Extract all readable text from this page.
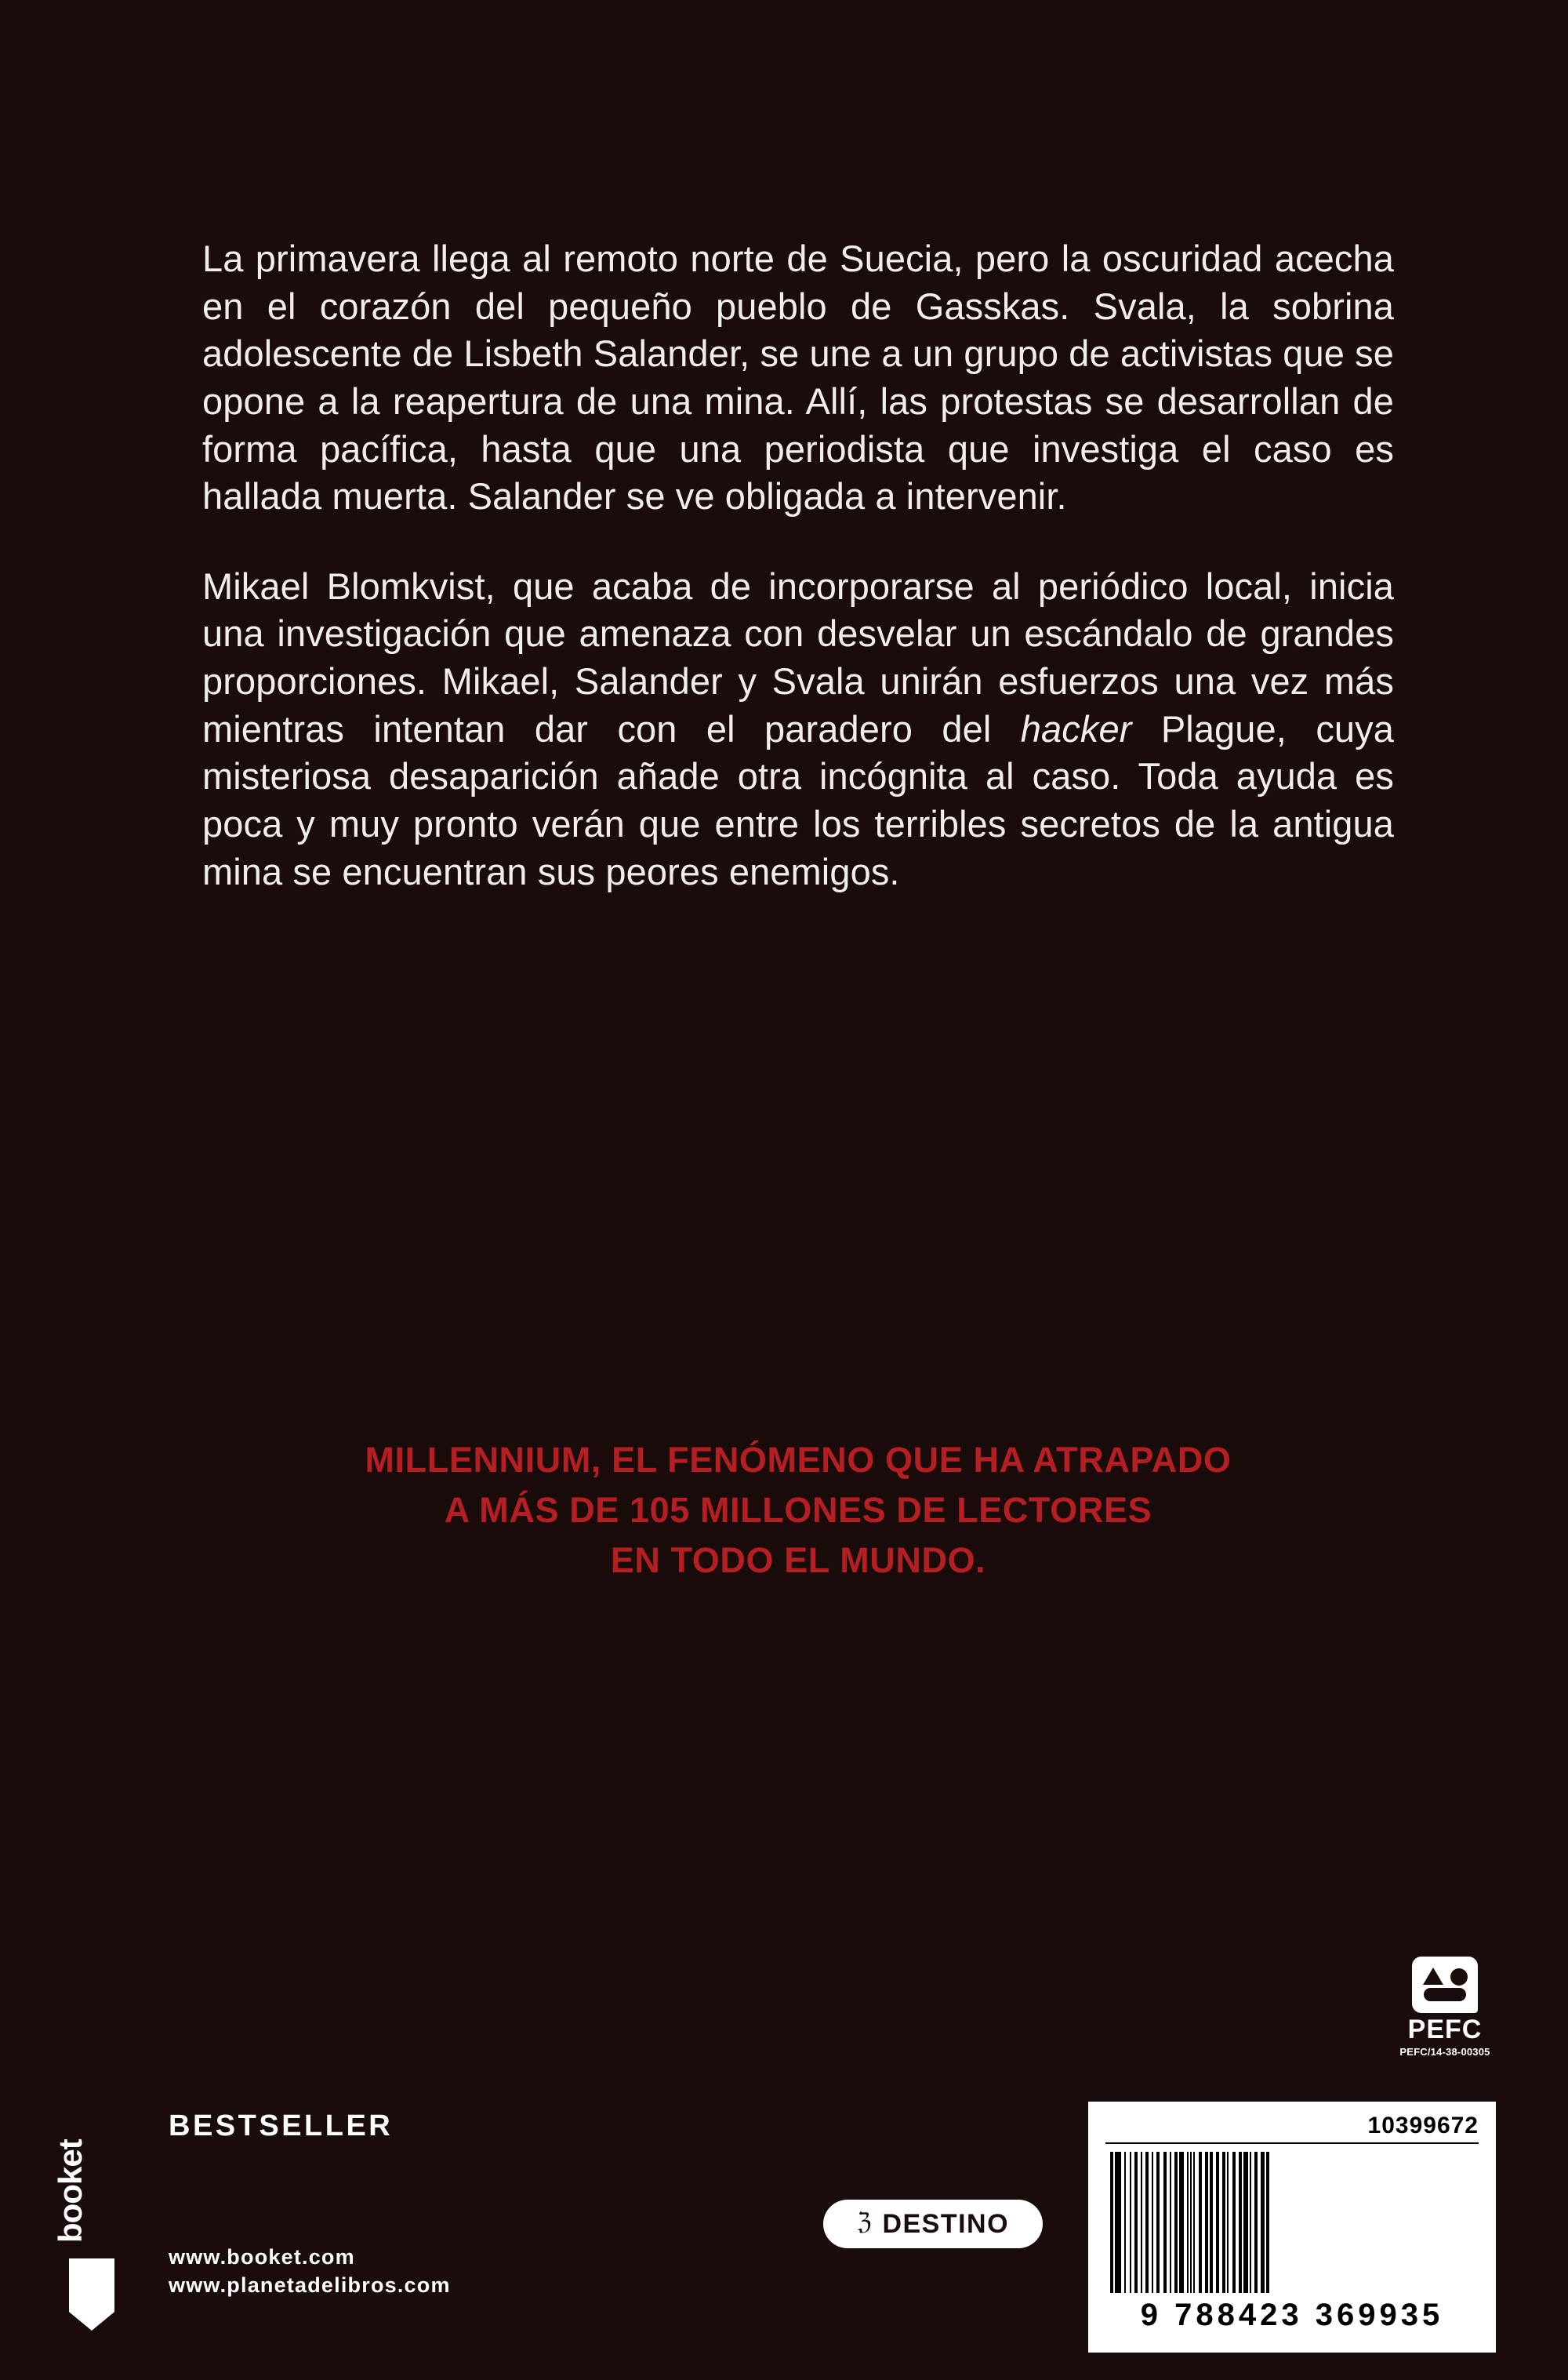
La primavera llega al remoto norte de Suecia, pero la oscuridad acecha en el corazón del pequeño pueblo de Gasskas. Svala, la sobrina adolescente de Lisbeth Salander, se une a un grupo de activistas que se opone a la reapertura de una mina. Allí, las protestas se desarrollan de forma pacífica, hasta que una periodista que investiga el caso es hallada muerta. Salander se ve obligada a intervenir.

Mikael Blomkvist, que acaba de incorporarse al periódico local, inicia una investigación que amenaza con desvelar un escándalo de grandes proporciones. Mikael, Salander y Svala unirán esfuerzos una vez más mientras intentan dar con el paradero del hacker Plague, cuya misteriosa desaparición añade otra incógnita al caso. Toda ayuda es poca y muy pronto verán que entre los terribles secretos de la antigua mina se encuentran sus peores enemigos.

MILLENNIUM, EL FENÓMENO QUE HA ATRAPADO
A MÁS DE 105 MILLONES DE LECTORES
EN TODO EL MUNDO.
PEFC
PEFC/14-38-00305
booket
BESTSELLER
www.booket.com
www.planetadelibros.com
ℨ DESTINO
10399672
9 788423 369935
